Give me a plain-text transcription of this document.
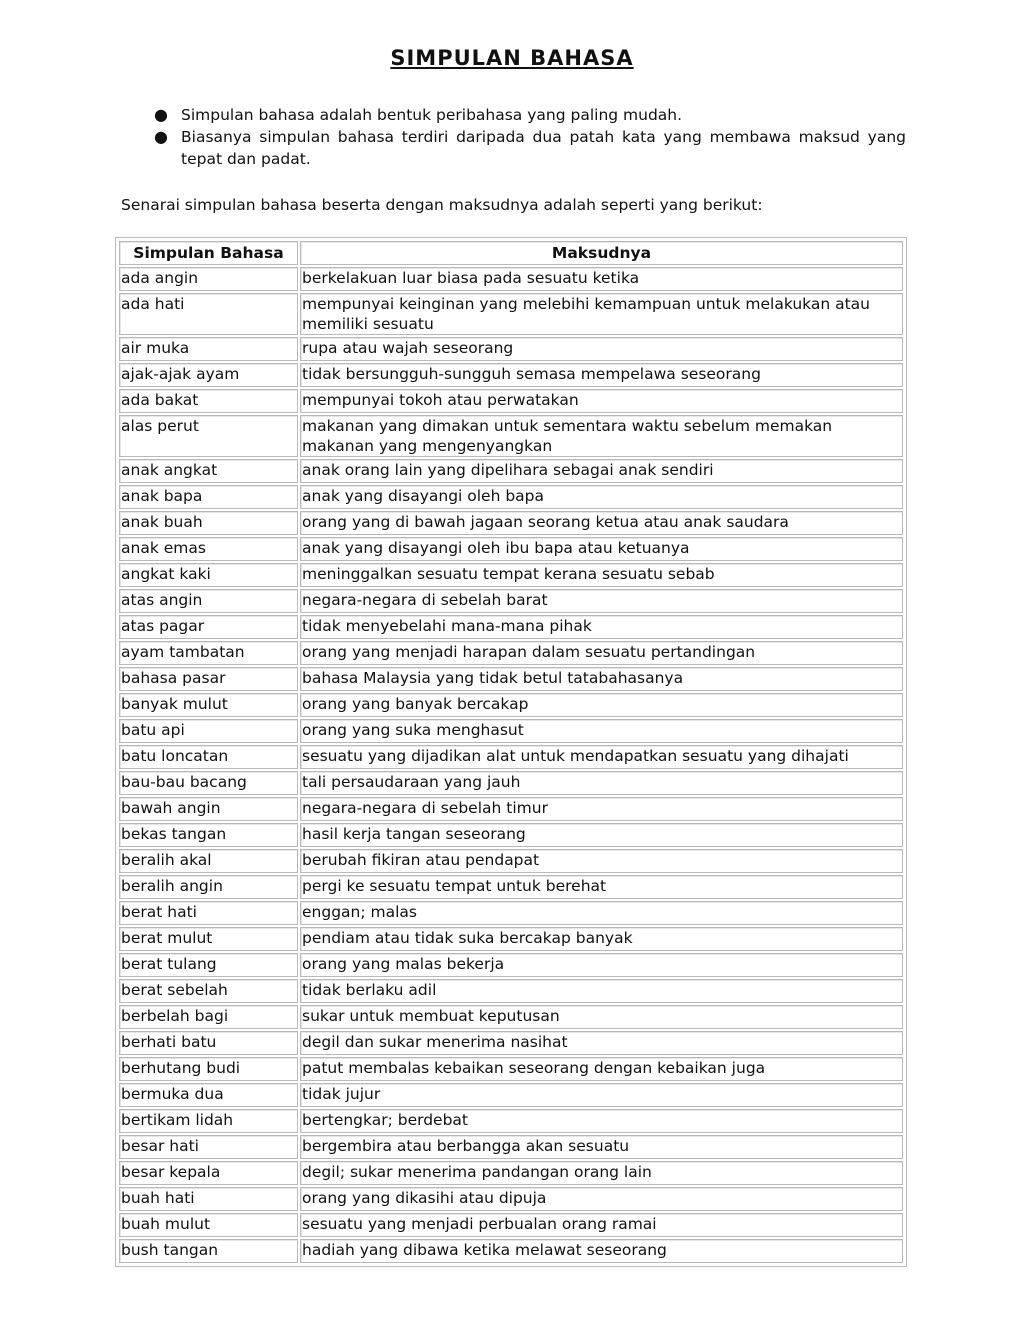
SIMPULAN BAHASA
● Simpulan bahasa adalah bentuk peribahasa yang paling mudah.
● Biasanya simpulan bahasa terdiri daripada dua patah kata yang membawa maksud yang tepat dan padat.
Senarai simpulan bahasa beserta dengan maksudnya adalah seperti yang berikut:
Simpulan Bahasa	Maksudnya
ada angin	berkelakuan luar biasa pada sesuatu ketika
ada hati	mempunyai keinginan yang melebihi kemampuan untuk melakukan atau memiliki sesuatu
air muka	rupa atau wajah seseorang
ajak-ajak ayam	tidak bersungguh-sungguh semasa mempelawa seseorang
ada bakat	mempunyai tokoh atau perwatakan
alas perut	makanan yang dimakan untuk sementara waktu sebelum memakan makanan yang mengenyangkan
anak angkat	anak orang lain yang dipelihara sebagai anak sendiri
anak bapa	anak yang disayangi oleh bapa
anak buah	orang yang di bawah jagaan seorang ketua atau anak saudara
anak emas	anak yang disayangi oleh ibu bapa atau ketuanya
angkat kaki	meninggalkan sesuatu tempat kerana sesuatu sebab
atas angin	negara-negara di sebelah barat
atas pagar	tidak menyebelahi mana-mana pihak
ayam tambatan	orang yang menjadi harapan dalam sesuatu pertandingan
bahasa pasar	bahasa Malaysia yang tidak betul tatabahasanya
banyak mulut	orang yang banyak bercakap
batu api	orang yang suka menghasut
batu loncatan	sesuatu yang dijadikan alat untuk mendapatkan sesuatu yang dihajati
bau-bau bacang	tali persaudaraan yang jauh
bawah angin	negara-negara di sebelah timur
bekas tangan	hasil kerja tangan seseorang
beralih akal	berubah fikiran atau pendapat
beralih angin	pergi ke sesuatu tempat untuk berehat
berat hati	enggan; malas
berat mulut	pendiam atau tidak suka bercakap banyak
berat tulang	orang yang malas bekerja
berat sebelah	tidak berlaku adil
berbelah bagi	sukar untuk membuat keputusan
berhati batu	degil dan sukar menerima nasihat
berhutang budi	patut membalas kebaikan seseorang dengan kebaikan juga
bermuka dua	tidak jujur
bertikam lidah	bertengkar; berdebat
besar hati	bergembira atau berbangga akan sesuatu
besar kepala	degil; sukar menerima pandangan orang lain
buah hati	orang yang dikasihi atau dipuja
buah mulut	sesuatu yang menjadi perbualan orang ramai
bush tangan	hadiah yang dibawa ketika melawat seseorang
